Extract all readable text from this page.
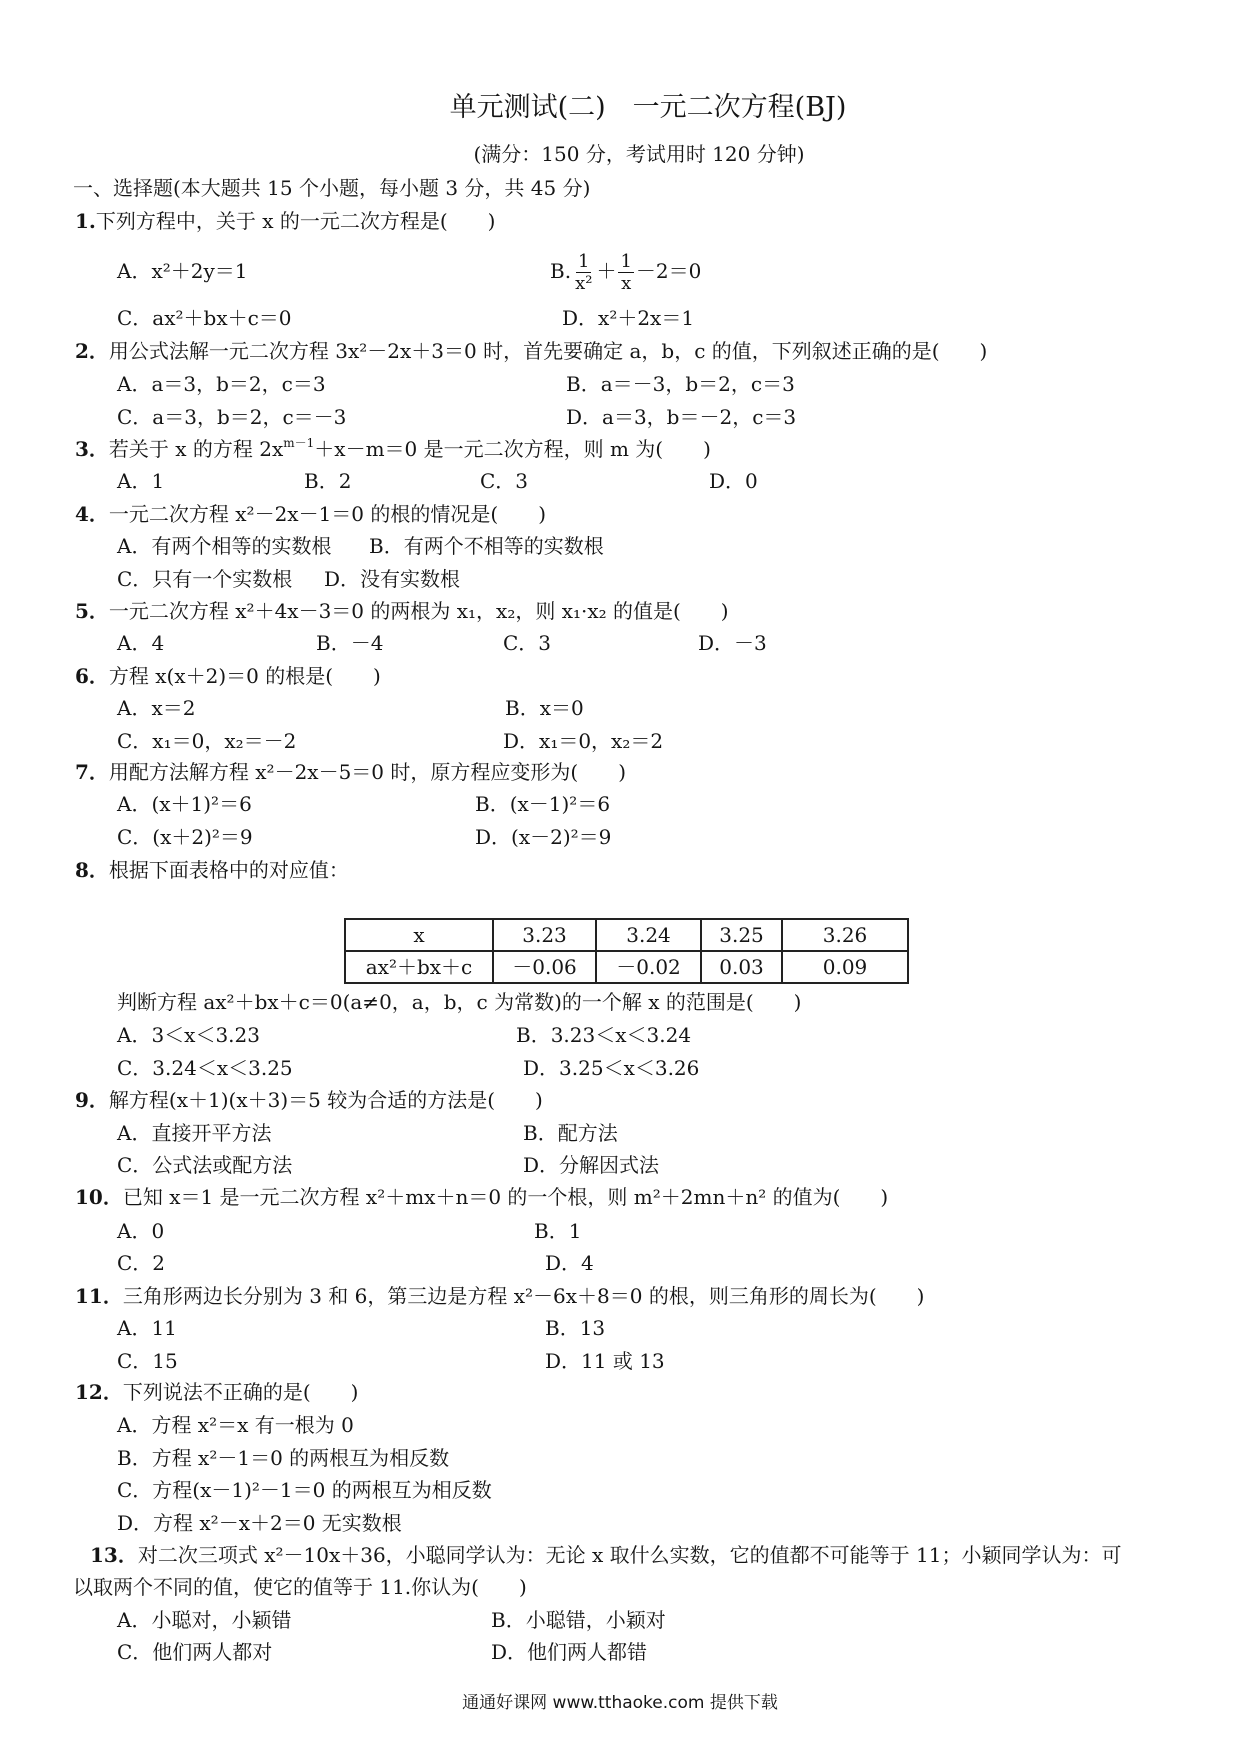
单元测试(二)　一元二次方程(BJ)
(满分：150 分，考试用时 120 分钟)
一、选择题(本大题共 15 个小题，每小题 3 分，共 45 分)
1.下列方程中，关于 x 的一元二次方程是(　　)
A．x²＋2y＝1	B. $\frac{1}{\text{x²}} + \frac{1}{x} -2=0$
C．ax²＋bx＋c＝0	D．x²＋2x＝1
2．用公式法解一元二次方程 3x²－2x＋3＝0 时，首先要确定 a，b，c 的值，下列叙述正确的是(　　)
A．a＝3，b＝2，c＝3	B．a＝－3，b＝2，c＝3
C．a＝3，b＝2，c＝－3	D．a＝3，b＝－2，c＝3
3．若关于 x 的方程 $2x^{m-1}+x-m=0$ 是一元二次方程，则 m 为(　　)
A．1	B．2	C．3	D．0
4．一元二次方程 x²－2x－1＝0 的根的情况是(　　)
A．有两个相等的实数根 B．有两个不相等的实数根
C．只有一个实数根 D．没有实数根
5．一元二次方程 x²＋4x－3＝0 的两根为 x₁，x₂，则 x₁·x₂ 的值是(　　)
A．4	B．－4	C．3	D．－3
6．方程 x(x＋2)＝0 的根是(　　)
A．x＝2	B．x＝0
C．x₁＝0，x₂＝－2	D．x₁＝0，x₂＝2
7．用配方法解方程 x²－2x－5＝0 时，原方程应变形为(　　)
A．(x＋1)²＝6	B．(x－1)²＝6
C．(x＋2)²＝9	D．(x－2)²＝9
8．根据下面表格中的对应值：
x	3.23	3.24	3.25	3.26
ax²＋bx＋c	－0.06	－0.02	0.03	0.09
判断方程 ax²＋bx＋c＝0(a≠0，a，b，c 为常数)的一个解 x 的范围是(　　)
A．3＜x＜3.23	B．3.23＜x＜3.24
C．3.24＜x＜3.25	D．3.25＜x＜3.26
9．解方程(x＋1)(x＋3)＝5 较为合适的方法是(　　)
A．直接开平方法	B．配方法
C．公式法或配方法	D．分解因式法
10．已知 x＝1 是一元二次方程 x²＋mx＋n＝0 的一个根，则 m²＋2mn＋n² 的值为(　　)
A．0	B．1
C．2	D．4
11．三角形两边长分别为 3 和 6，第三边是方程 x²－6x＋8＝0 的根，则三角形的周长为(　　)
A．11	B．13
C．15	D．11 或 13
12．下列说法不正确的是(　　)
A．方程 x²＝x 有一根为 0
B．方程 x²－1＝0 的两根互为相反数
C．方程(x－1)²－1＝0 的两根互为相反数
D．方程 x²－x＋2＝0 无实数根
13．对二次三项式 x²－10x＋36，小聪同学认为：无论 x 取什么实数，它的值都不可能等于 11；小颖同学认为：可
以取两个不同的值，使它的值等于 11.你认为(　　)
A．小聪对，小颖错	B．小聪错，小颖对
C．他们两人都对	D．他们两人都错
通通好课网 www.tthaoke.com 提供下载
